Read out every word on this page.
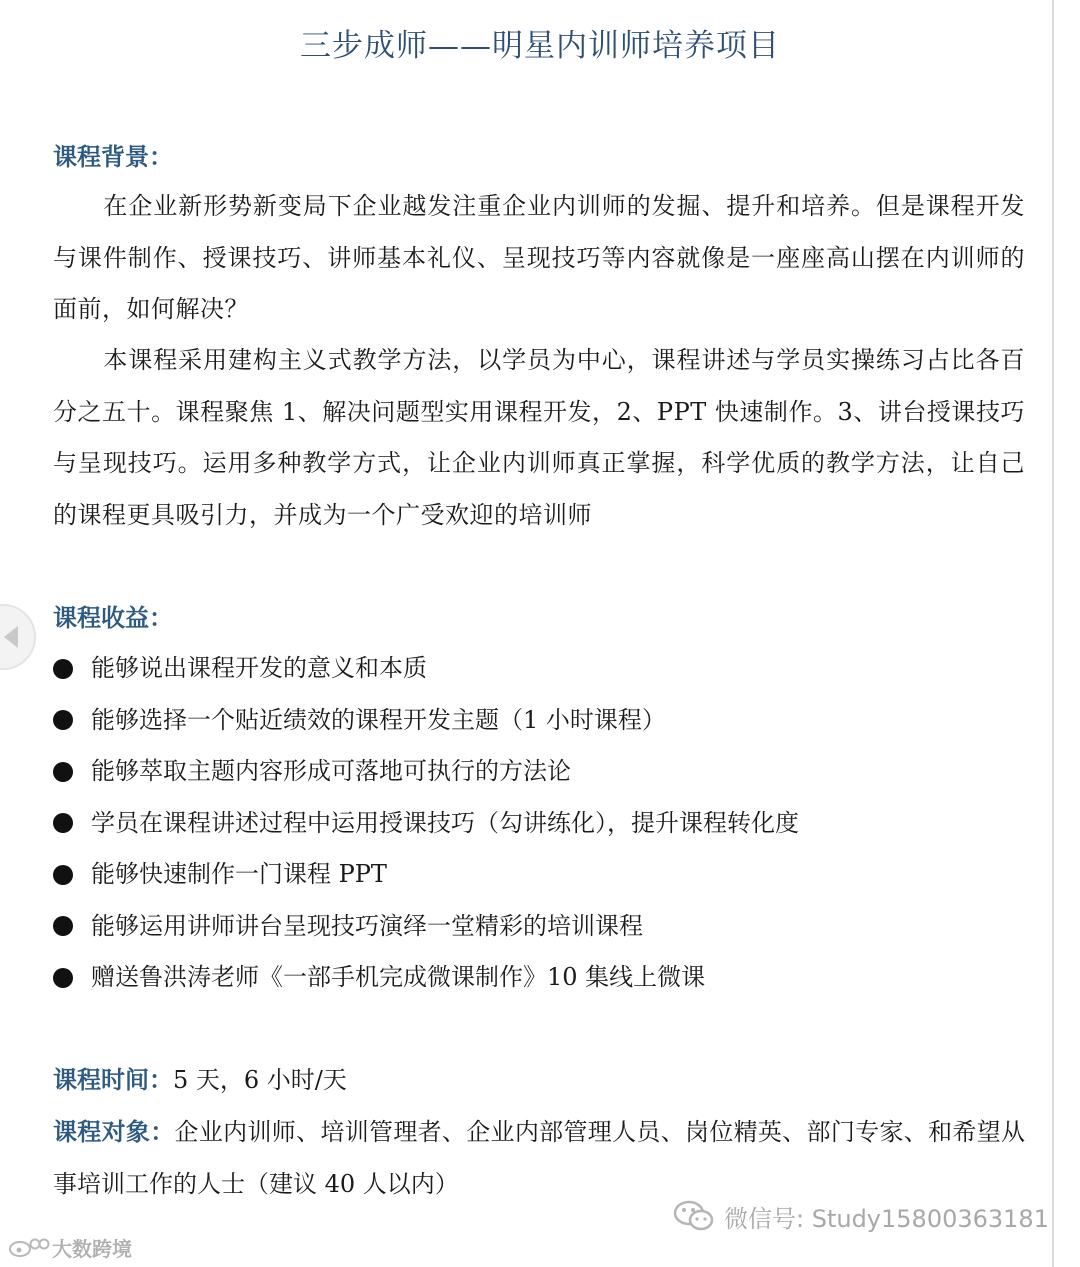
三步成师——明星内训师培养项目
课程背景：

在企业新形势新变局下企业越发注重企业内训师的发掘、提升和培养。但是课程开发与课件制作、授课技巧、讲师基本礼仪、呈现技巧等内容就像是一座座高山摆在内训师的面前，如何解决？

本课程采用建构主义式教学方法，以学员为中心，课程讲述与学员实操练习占比各百分之五十。课程聚焦 1、解决问题型实用课程开发，2、PPT 快速制作。3、讲台授课技巧与呈现技巧。运用多种教学方式，让企业内训师真正掌握，科学优质的教学方法，让自己的课程更具吸引力，并成为一个广受欢迎的培训师

课程收益：
能够说出课程开发的意义和本质
能够选择一个贴近绩效的课程开发主题（1 小时课程）
能够萃取主题内容形成可落地可执行的方法论
学员在课程讲述过程中运用授课技巧（勾讲练化），提升课程转化度
能够快速制作一门课程 PPT
能够运用讲师讲台呈现技巧演绎一堂精彩的培训课程
赠送鲁洪涛老师《一部手机完成微课制作》10 集线上微课

课程时间：5 天，6 小时/天

课程对象：企业内训师、培训管理者、企业内部管理人员、岗位精英、部门专家、和希望从事培训工作的人士（建议 40 人以内）

微信号: Study15800363181
大数跨境
